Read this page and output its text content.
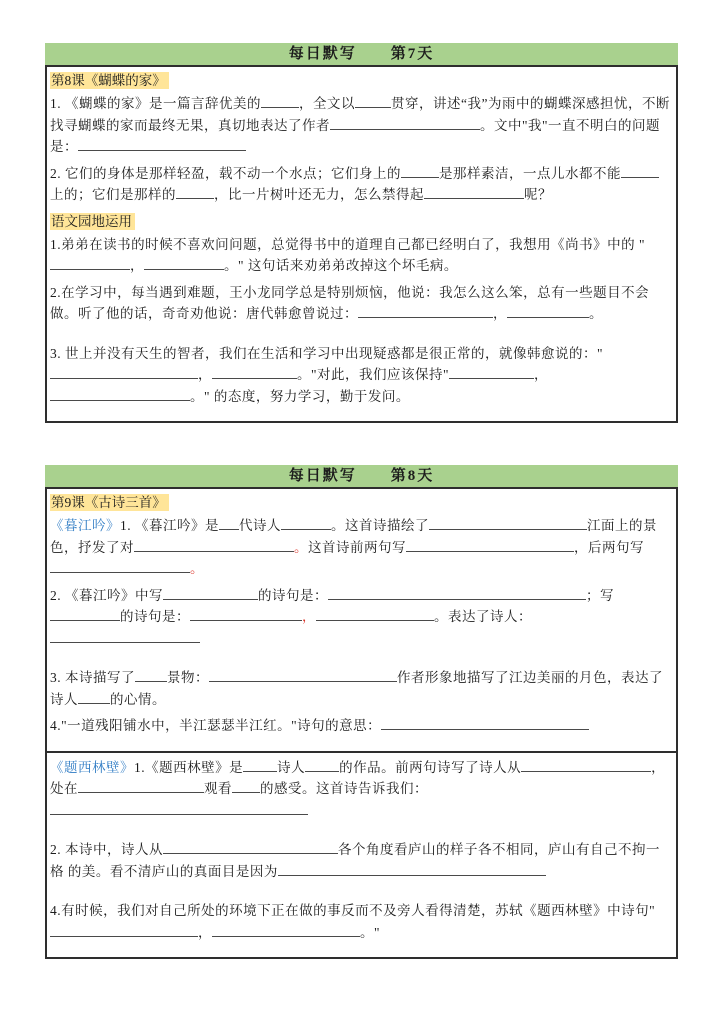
每日默写　　第7天
第8课《蝴蝶的家》

1. 《蝴蝶的家》是一篇言辞优美的	，全文以	贯穿，讲述“我”为雨中的蝴蝶深感担忧，不断找寻蝴蝶的家而最终无果，真切地表达了作者	。文中"我"一直不明白的问题是：

2. 它们的身体是那样轻盈，载不动一个水点；它们身上的	是那样素洁，一点儿水都不能上的；它们是那样的	，比一片树叶还无力，怎么禁得起	呢？

语文园地运用

1.弟弟在读书的时候不喜欢问问题，总觉得书中的道理自己都已经明白了，我想用《尚书》中的 "，	。" 这句话来劝弟弟改掉这个坏毛病。

2.在学习中，每当遇到难题，王小龙同学总是特别烦恼，他说：我怎么这么笨，总有一些题目不会 做。听了他的话，奇奇劝他说：唐代韩愈曾说过：	，	。

3. 世上并没有天生的智者，我们在生活和学习中出现疑惑都是很正常的，就像韩愈说的："，	。"对此，我们应该保持"	，。" 的态度，努力学习，勤于发问。

每日默写　　第8天
第9课《古诗三首》

《暮江吟》1. 《暮江吟》是 代诗人	。这首诗描绘了	江面上的景色，抒发了对	。这首诗前两句写	，后两句写。

2. 《暮江吟》中写	的诗句是：	；写的诗句是：	，	。表达了诗人：

3. 本诗描写了 景物：	作者形象地描写了江边美丽的月色，表达了诗人 的心情。

4."一道残阳铺水中，半江瑟瑟半江红。"诗句的意思：

《题西林壁》1.《题西林壁》是	诗人	的作品。前两句诗写了诗人从	，处在	观看 的感受。这首诗告诉我们：

2. 本诗中，诗人从	各个角度看庐山的样子各不相同，庐山有自己不拘一格 的美。看不清庐山的真面目是因为

4.有时候，我们对自己所处的环境下正在做的事反而不及旁人看得清楚，苏轼《题西林壁》中诗句"，	。"
